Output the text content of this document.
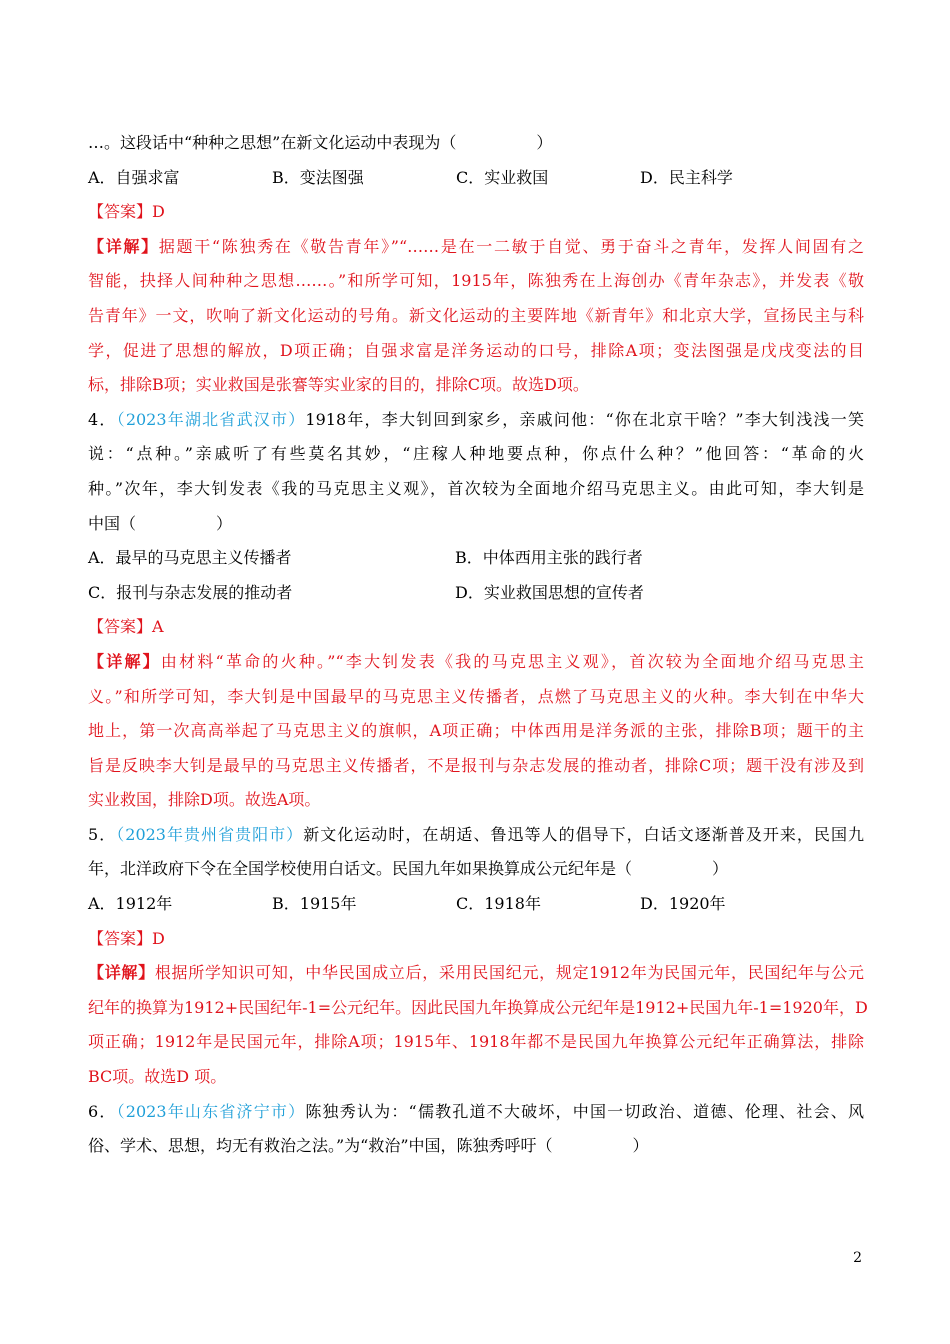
…。这段话中“种种之思想”在新文化运动中表现为（　　　　　）
A．自强求富	B．变法图强	C．实业救国	D．民主科学
【答案】D
【详解】据题干“陈独秀在《敬告青年》”“……是在一二敏于自觉、勇于奋斗之青年，发挥人间固有之
智能，抉择人间种种之思想……。”和所学可知，1915年，陈独秀在上海创办《青年杂志》，并发表《敬
告青年》一文，吹响了新文化运动的号角。新文化运动的主要阵地《新青年》和北京大学，宣扬民主与科
学，促进了思想的解放，D项正确；自强求富是洋务运动的口号，排除A项；变法图强是戊戌变法的目
标，排除B项；实业救国是张謇等实业家的目的，排除C项。故选D项。
4．（2023年湖北省武汉市）1918年，李大钊回到家乡，亲戚问他：“你在北京干啥？”李大钊浅浅一笑
说：“点种。”亲戚听了有些莫名其妙，“庄稼人种地要点种，你点什么种？”他回答：“革命的火
种。”次年，李大钊发表《我的马克思主义观》，首次较为全面地介绍马克思主义。由此可知，李大钊是
中国（　　　　　）
A．最早的马克思主义传播者	B．中体西用主张的践行者
C．报刊与杂志发展的推动者	D．实业救国思想的宣传者
【答案】A
【详解】由材料“革命的火种。”“李大钊发表《我的马克思主义观》，首次较为全面地介绍马克思主
义。”和所学可知，李大钊是中国最早的马克思主义传播者，点燃了马克思主义的火种。李大钊在中华大
地上，第一次高高举起了马克思主义的旗帜，A项正确；中体西用是洋务派的主张，排除B项；题干的主
旨是反映李大钊是最早的马克思主义传播者，不是报刊与杂志发展的推动者，排除C项；题干没有涉及到
实业救国，排除D项。故选A项。
5．（2023年贵州省贵阳市）新文化运动时，在胡适、鲁迅等人的倡导下，白话文逐渐普及开来，民国九
年，北洋政府下令在全国学校使用白话文。民国九年如果换算成公元纪年是（　　　　　）
A．1912年	B．1915年	C．1918年	D．1920年
【答案】D
【详解】根据所学知识可知，中华民国成立后，采用民国纪元，规定1912年为民国元年，民国纪年与公元
纪年的换算为1912+民国纪年-1=公元纪年。因此民国九年换算成公元纪年是1912+民国九年-1=1920年，D
项正确；1912年是民国元年，排除A项；1915年、1918年都不是民国九年换算公元纪年正确算法，排除
BC项。故选D 项。
6．（2023年山东省济宁市）陈独秀认为：“儒教孔道不大破坏，中国一切政治、道德、伦理、社会、风
俗、学术、思想，均无有救治之法。”为“救治”中国，陈独秀呼吁（　　　　　）
2
